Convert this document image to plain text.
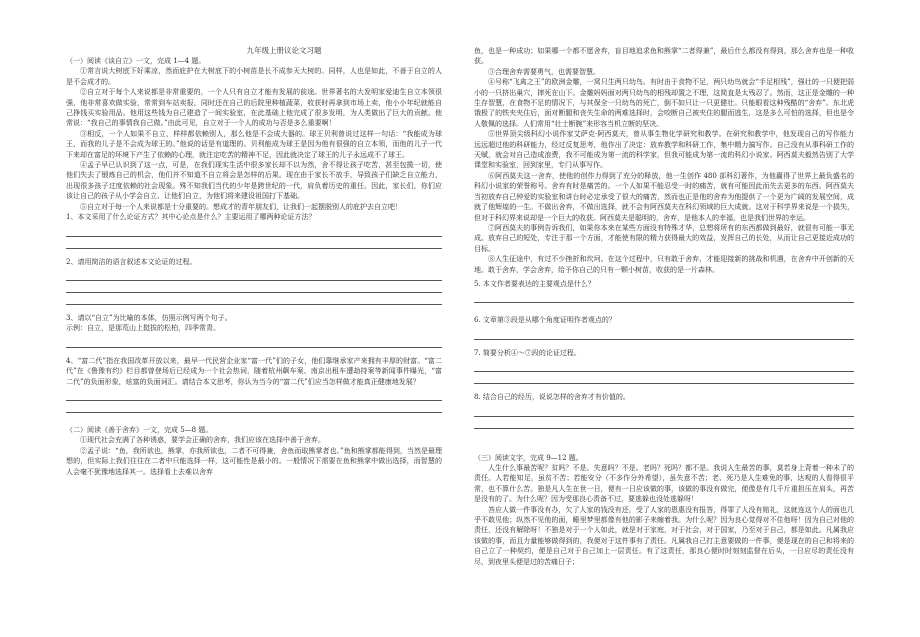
九年级上册议论文习题

（一）阅读《谈自立》一文，完成 1—4 题。

①常言说大树底下好乘凉，然而庇护在大树底下的小树苗是长不成参天大树的。同样，人也是如此，不善于自立的人是不会成才的。

②自立对于每个人来说都是非常重要的，一个人只有自立才能有发展的前途。世界著名的大发明家爱迪生自立本领很强，他非常喜欢做实验，常常到车站卖报，同时还在自己的后院里种植蔬菜，收获时再拿到市场上卖，他小小年纪就能自己挣钱买实验用品。他用这些钱为自己建造了一间实验室，在此基础上他完成了很多发明，为人类做出了巨大的贡献。他常说：“我自己的事情我自己做。”由此可见，自立对于一个人的成功与否是多么重要啊！

③相反，一个人如果不自立，样样都依赖别人，那么他是不会成大器的。球王贝利曾说过这样一句话：“我能成为球王，而我的儿子是不会成为球王的。”他说的话是有道理的。贝利能成为球王是因为他有很强的自立本领，而他的儿子一代下来却在富足的环境下产生了依赖的心理，就注定吃苦的精神不足，因此就决定了球王的儿子永远成不了球王。

④孟子早已认识到了这一点，可是，在我们现实生活中很多家长却不以为然，舍不得让孩子吃苦，甚至包揽一切，使他们失去了锻炼自己的机会，他们并不知道不自立将会是怎样的后果。现在由于家长不放手，导致孩子们缺乏自立能力，出现很多孩子过度依赖的社会现象。殊不知我们当代的少年是跨世纪的一代，肩负着历史的重任。因此，家长们，你们应该让自己的孩子从小学会自立、让他们自立，为他们将来建设祖国打下基础。

⑤自立对于每一个人来说都是十分重要的。想成才的青年朋友们，让我们一起摆脱别人的庇护去自立吧！

1、本文采用了什么论证方式？其中心论点是什么？主要运用了哪两种论证方法？

2、请用简洁的语言叙述本文论证的过程。

3、请以“自立”为比喻的本体，仿照示例写两个句子。

示例：自立，是那荒山上挺拔的松柏，四季常青。

4、“富二代”指在我国改革开放以来，最早一代民营企业家“富一代”们的子女，他们靠继承家产来拥有丰厚的财富。“富二代”在《鲁豫有约》栏目都曾登场后已经成为一个社会热词，随着杭州飙车案、南京出租车遭劫持案等新闻事件曝光，“富二代”的负面形象，炫富的负面词汇。请结合本文思考，你认为当今的“富二代”们应当怎样做才能真正健康地发展？

（二）阅读《善于舍弃》一文，完成 5—8 题。

①现代社会充满了各种诱惑，要学会正确的舍弃，我们应该在选择中善于舍弃。

②孟子说：“鱼，我所欲也，熊掌，亦我所欲也，二者不可得兼，舍鱼而取熊掌者也。”鱼和熊掌都能得到，当然是最理想的，但实际上我们往往在二者中只能选择一样，这可能性是最小的。一般情况下需要在鱼和熊掌中做出选择，而智慧的人会毫不犹豫地选择其一。选择看上去难以舍弃

鱼，也是一种成功；如果哪一个都不愿舍弃，盲目地追求鱼和熊掌“二者得兼”，最后什么都没有得到，那么舍弃也是一种收获。

③合理舍弃需要勇气，也需要智慧。

④号称“飞禽之王”的欧洲金雕，一窝只生两只幼鸟。有时由于食物不足，两只幼鸟就会“手足相残”，强壮的一只便把弱小的一只挤出巢穴，摔死在山下。金雕妈妈面对两只幼鸟的相残却置之不理，这简直是太残忍了。然而，这正是金雕的一种生存智慧，在食物不足的情况下，与其保全一只幼鸟的死亡，倒不如只让一只更健壮。只能眼看这种残酷的“舍弃”。东北虎饿极了的铁夹夹住后，面对断腿和丧失生命的两难选择时，会咬断自己被夹住的腿而逃生，这是多么可怕的选择，但也是令人敬佩的选择。人们常用“壮士断腕”来形容当机立断的坚决。

⑤世界顶尖级科幻小说作家艾萨克·阿西莫夫，曾从事生物化学研究和教学。在研究和教学中，他发现自己的写作能力远远超过他的科研能力，经过反复思考，他作出了决定：放弃教学和科研工作，集中精力搞写作。自己没有从事科研工作的天赋，就会对自己造成浪费，我不可能成为第一流的科学家，但我可能成为第一流的科幻小说家。阿西莫夫毅然告别了大学课堂和实验室，回到家里，专门从事写作。

⑥阿西莫夫这一舍弃，使他的创作力得到了充分的释放，他一生创作 480 部科幻著作，为他赢得了世界上最负盛名的科幻小说家的荣誉称号。舍弃有时是痛苦的。一个人如果不能忍受一时的痛苦，就有可能因此而失去更多的东西。阿西莫夫当初放弃自己钟爱的实验室和讲台时必定承受了很大的痛苦，然而也正是他的舍弃为他提供了一个更为广阔的发展空间，成就了他辉煌的一生。不做出舍弃，不做出选择，就不会有阿西莫夫在科幻领域的巨大成就。这对于科学界来说是一个损失，但对于科幻界来说却是一个巨大的收获。阿西莫夫是聪明的，舍弃，是他本人的幸福，也是我们世界的幸运。

⑦阿西莫夫的事例告诉我们，如果你本来在某些方面没有特殊才华，总想将所有的东西都做到最好，就很有可能一事无成。放弃自己的短处，专注于那一个方面，才能使有限的精力获得最大的效益，发挥自己的长处，从而让自己更接近成功的目标。

⑧人生征途中，有过不少挫折和坎坷。在这个过程中，只有敢于舍弃，才能迎接新的挑战和机遇，在舍弃中开创新的天地。敢于舍弃，学会舍弃，给予你自己的只有一颗小树苗，收获的是一片森林。

5. 本文作者要表达的主要观点是什么？

6. 文章第③段是从哪个角度证明作者观点的？

7. 简要分析④～⑦段的论证过程。

8. 结合自己的经历，说说怎样的舍弃才有价值的。

（三）阅读文字，完成 9—12 题。

人生什么事最苦呢？贫吗？不是。失意吗？不是。老吗？死吗？都不是。我说人生最苦的事，莫若身上背着一种未了的责任。人若能知足，虽贫不苦；若能安分（不多作分外希望），虽失意不苦；老、死乃是人生难免的事，达观的人看得很平常，也不算什么苦。独是凡人生在世一日，便有一日应该做的事，该做的事没有做完，便像是有几千斤重担压在肩头，再苦是没有的了。为什么呢？因为受那良心责备不过，要逃躲也没处逃躲呀！

答应人做一件事没有办，欠了人家的钱没有还，受了人家的恩惠没有报答，得罪了人没有赔礼，这就连这个人的面也几乎不敢见他；纵然不见他的面，睡里梦里都像有他的影子来缠着我。为什么呢？因为良心觉得对不住他呀！因为自己对他的责任，还没有解除呀！不独是对于一个人如此，就是对于家庭，对于社会，对于国家，乃至对于自己，都是如此。凡属我应该做的事，而且力量能够做得到的，我便对于这件事有了责任。凡属我自己打主意要做的一件事，便是现在的自己和将来的自己立了一种契约，便是自己对于自己加上一层责任。有了这责任，那良心便时时刻刻监督在后头，一日应尽的责任没有尽，到夜里头便是过的苦痛日子；
